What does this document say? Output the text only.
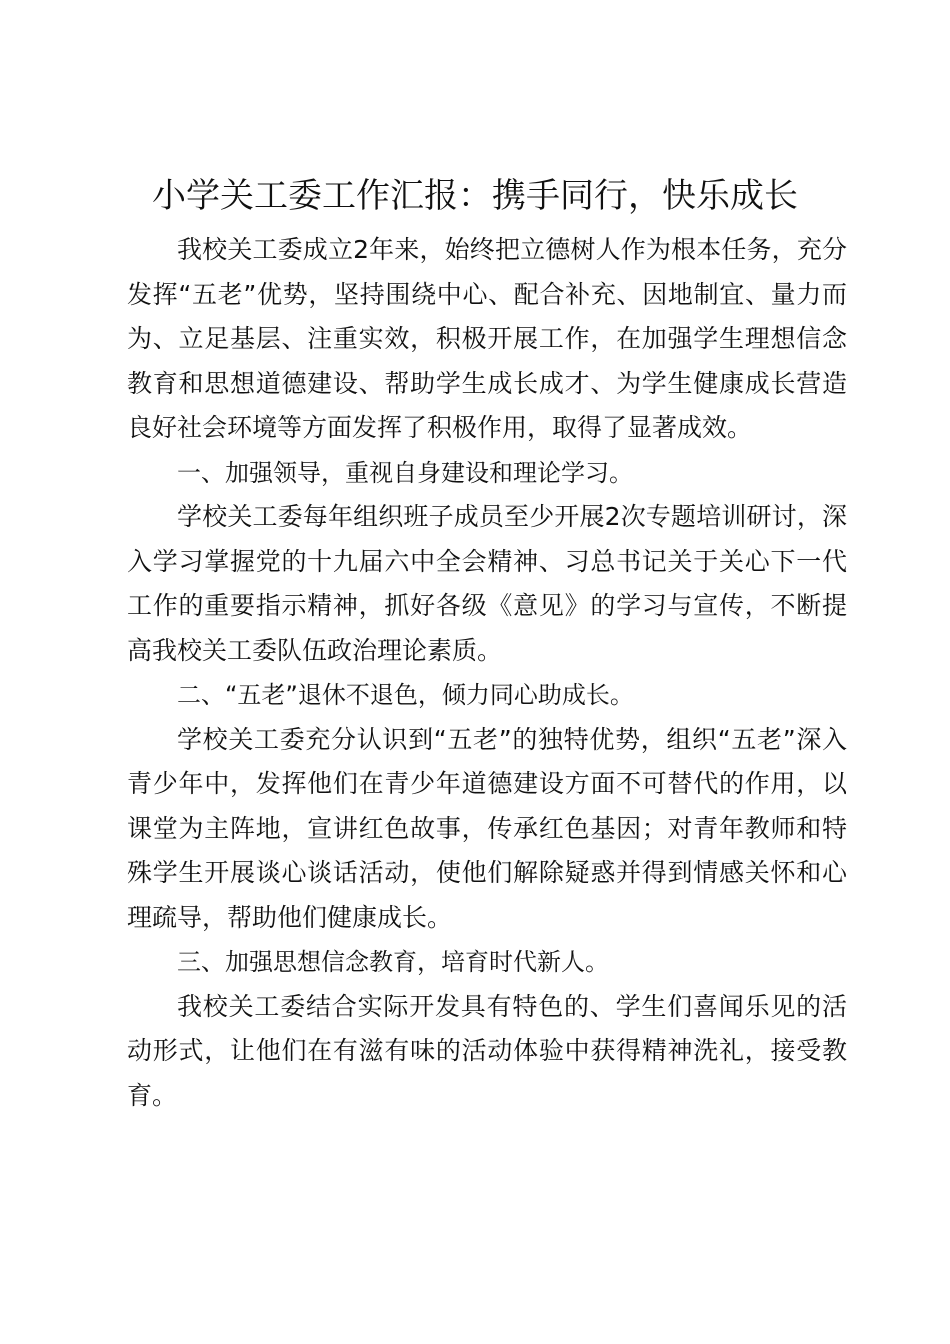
小学关工委工作汇报：携手同行，快乐成长

我校关工委成立2年来，始终把立德树人作为根本任务，充分发挥“五老”优势，坚持围绕中心、配合补充、因地制宜、量力而为、立足基层、注重实效，积极开展工作，在加强学生理想信念教育和思想道德建设、帮助学生成长成才、为学生健康成长营造良好社会环境等方面发挥了积极作用，取得了显著成效。

一、加强领导，重视自身建设和理论学习。

学校关工委每年组织班子成员至少开展2次专题培训研讨，深入学习掌握党的十九届六中全会精神、习总书记关于关心下一代工作的重要指示精神，抓好各级《意见》的学习与宣传，不断提高我校关工委队伍政治理论素质。

二、“五老”退休不退色，倾力同心助成长。

学校关工委充分认识到“五老”的独特优势，组织“五老”深入青少年中，发挥他们在青少年道德建设方面不可替代的作用，以课堂为主阵地，宣讲红色故事，传承红色基因；对青年教师和特殊学生开展谈心谈话活动，使他们解除疑惑并得到情感关怀和心理疏导，帮助他们健康成长。

三、加强思想信念教育，培育时代新人。

我校关工委结合实际开发具有特色的、学生们喜闻乐见的活动形式，让他们在有滋有味的活动体验中获得精神洗礼，接受教育。
